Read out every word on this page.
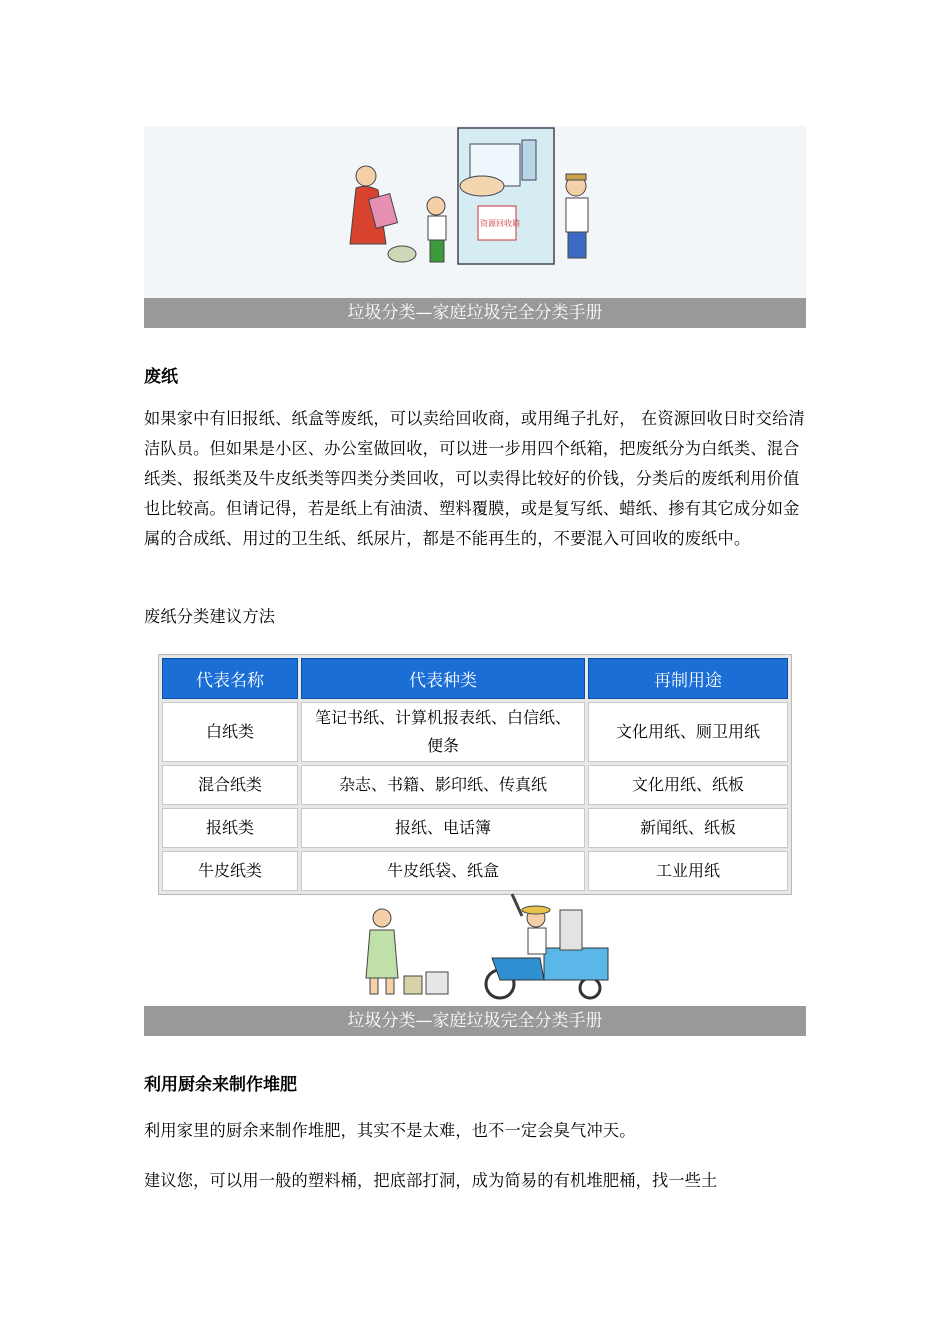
资源回收箱
垃圾分类—家庭垃圾完全分类手册
废纸

如果家中有旧报纸、纸盒等废纸，可以卖给回收商，或用绳子扎好， 在资源回收日时交给清洁队员。但如果是小区、办公室做回收，可以进一步用四个纸箱，把废纸分为白纸类、混合纸类、报纸类及牛皮纸类等四类分类回收，可以卖得比较好的价钱，分类后的废纸利用价值也比较高。但请记得，若是纸上有油渍、塑料覆膜，或是复写纸、蜡纸、掺有其它成分如金属的合成纸、用过的卫生纸、纸尿片，都是不能再生的，不要混入可回收的废纸中。

废纸分类建议方法

代表名称	代表种类	再制用途
白纸类	笔记书纸、计算机报表纸、白信纸、便条	文化用纸、厕卫用纸
混合纸类	杂志、书籍、影印纸、传真纸	文化用纸、纸板
报纸类	报纸、电话簿	新闻纸、纸板
牛皮纸类	牛皮纸袋、纸盒	工业用纸
垃圾分类—家庭垃圾完全分类手册
利用厨余来制作堆肥

利用家里的厨余来制作堆肥，其实不是太难，也不一定会臭气冲天。

建议您，可以用一般的塑料桶，把底部打洞，成为简易的有机堆肥桶，找一些土
